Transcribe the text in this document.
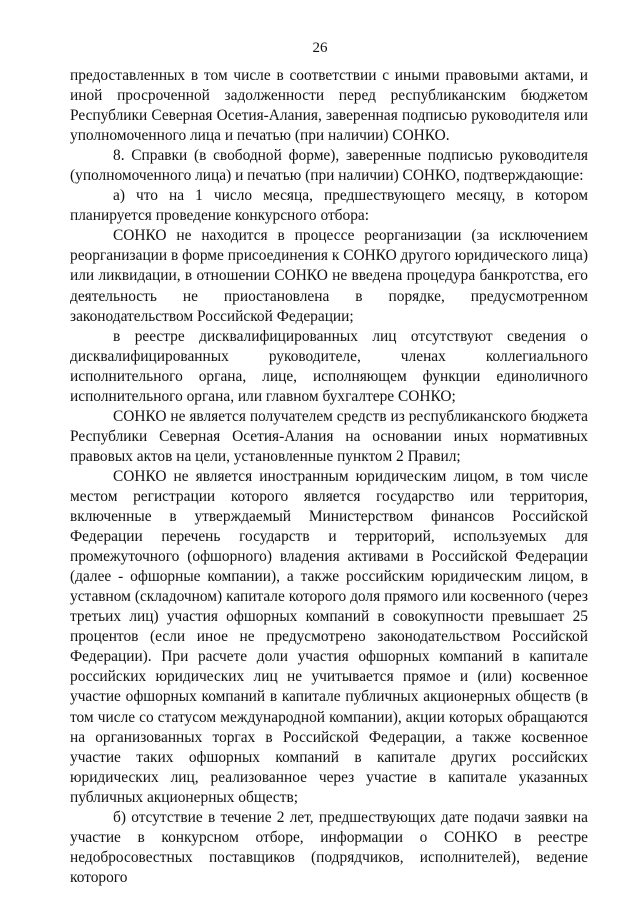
26

предоставленных в том числе в соответствии с иными правовыми актами, и иной просроченной задолженности перед республиканским бюджетом Республики Северная Осетия-Алания, заверенная подписью руководителя или уполномоченного лица и печатью (при наличии) СОНКО.

8. Справки (в свободной форме), заверенные подписью руководителя (уполномоченного лица) и печатью (при наличии) СОНКО, подтверждающие:

а) что на 1 число месяца, предшествующего месяцу, в котором планируется проведение конкурсного отбора:

СОНКО не находится в процессе реорганизации (за исключением реорганизации в форме присоединения к СОНКО другого юридического лица) или ликвидации, в отношении СОНКО не введена процедура банкротства, его деятельность не приостановлена в порядке, предусмотренном законодательством Российской Федерации;

в реестре дисквалифицированных лиц отсутствуют сведения о дисквалифицированных руководителе, членах коллегиального исполнительного органа, лице, исполняющем функции единоличного исполнительного органа, или главном бухгалтере СОНКО;

СОНКО не является получателем средств из республиканского бюджета Республики Северная Осетия-Алания на основании иных нормативных правовых актов на цели, установленные пунктом 2 Правил;

СОНКО не является иностранным юридическим лицом, в том числе местом регистрации которого является государство или территория, включенные в утверждаемый Министерством финансов Российской Федерации перечень государств и территорий, используемых для промежуточного (офшорного) владения активами в Российской Федерации (далее - офшорные компании), а также российским юридическим лицом, в уставном (складочном) капитале которого доля прямого или косвенного (через третьих лиц) участия офшорных компаний в совокупности превышает 25 процентов (если иное не предусмотрено законодательством Российской Федерации). При расчете доли участия офшорных компаний в капитале российских юридических лиц не учитывается прямое и (или) косвенное участие офшорных компаний в капитале публичных акционерных обществ (в том числе со статусом международной компании), акции которых обращаются на организованных торгах в Российской Федерации, а также косвенное участие таких офшорных компаний в капитале других российских юридических лиц, реализованное через участие в капитале указанных публичных акционерных обществ;

б) отсутствие в течение 2 лет, предшествующих дате подачи заявки на участие в конкурсном отборе, информации о СОНКО в реестре недобросовестных поставщиков (подрядчиков, исполнителей), ведение которого
